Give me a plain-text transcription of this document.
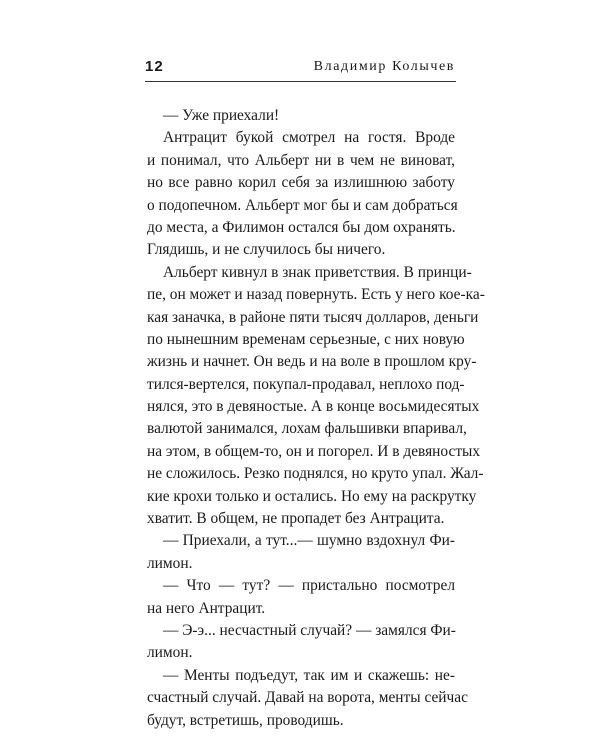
12	Владимир Колычев
— Уже приехали!
Антрацит букой смотрел на гостя. Вроде
и понимал, что Альберт ни в чем не виноват,
но все равно корил себя за излишнюю заботу
о подопечном. Альберт мог бы и сам добраться
до места, а Филимон остался бы дом охранять.
Глядишь, и не случилось бы ничего.
Альберт кивнул в знак приветствия. В принци-
пе, он может и назад повернуть. Есть у него кое-ка-
кая заначка, в районе пяти тысяч долларов, деньги
по нынешним временам серьезные, с них новую
жизнь и начнет. Он ведь и на воле в прошлом кру-
тился-вертелся, покупал-продавал, неплохо под-
нялся, это в девяностые. А в конце восьмидесятых
валютой занимался, лохам фальшивки впаривал,
на этом, в общем-то, он и погорел. И в девяностых
не сложилось. Резко поднялся, но круто упал. Жал-
кие крохи только и остались. Но ему на раскрутку
хватит. В общем, не пропадет без Антрацита.
— Приехали, а тут...— шумно вздохнул Фи-
лимон.
— Что — тут? — пристально посмотрел
на него Антрацит.
— Э-э... несчастный случай? — замялся Фи-
лимон.
— Менты подъедут, так им и скажешь: не-
счастный случай. Давай на ворота, менты сейчас
будут, встретишь, проводишь.
